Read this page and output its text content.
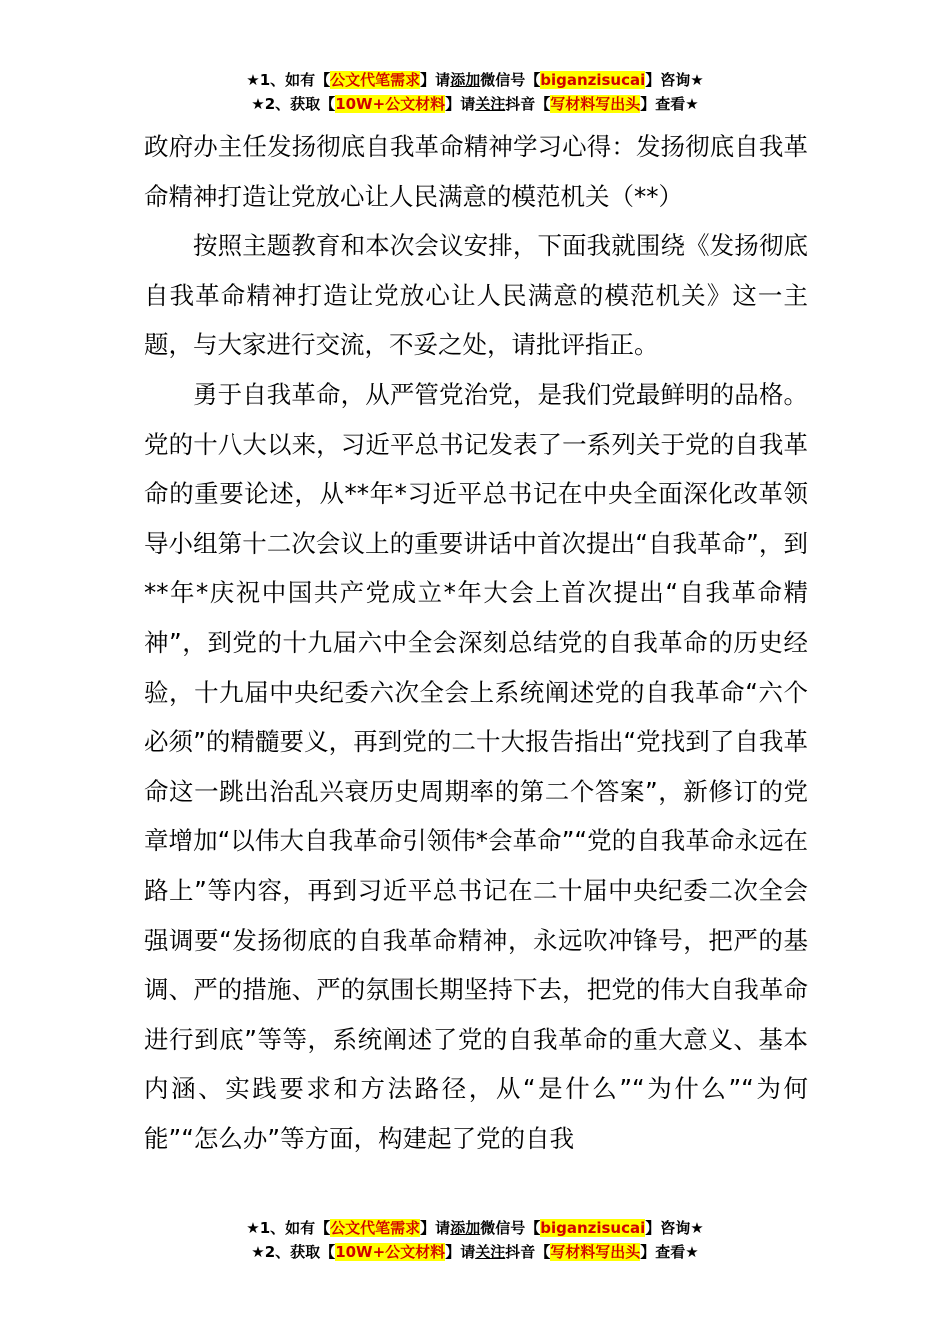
★1、如有【公文代笔需求】请添加微信号【biganzisucai】咨询★
★2、获取【10W+公文材料】请关注抖音【写材料写出头】查看★

政府办主任发扬彻底自我革命精神学习心得：发扬彻底自我革命精神打造让党放心让人民满意的模范机关（**）

按照主题教育和本次会议安排，下面我就围绕《发扬彻底自我革命精神打造让党放心让人民满意的模范机关》这一主题，与大家进行交流，不妥之处，请批评指正。

勇于自我革命，从严管党治党，是我们党最鲜明的品格。党的十八大以来，习近平总书记发表了一系列关于党的自我革命的重要论述，从**年*习近平总书记在中央全面深化改革领导小组第十二次会议上的重要讲话中首次提出“自我革命”，到**年*庆祝中国共产党成立*年大会上首次提出“自我革命精神”，到党的十九届六中全会深刻总结党的自我革命的历史经验，十九届中央纪委六次全会上系统阐述党的自我革命“六个必须”的精髓要义，再到党的二十大报告指出“党找到了自我革命这一跳出治乱兴衰历史周期率的第二个答案”，新修订的党章增加“以伟大自我革命引领伟*会革命”“党的自我革命永远在路上”等内容，再到习近平总书记在二十届中央纪委二次全会强调要“发扬彻底的自我革命精神，永远吹冲锋号，把严的基调、严的措施、严的氛围长期坚持下去，把党的伟大自我革命进行到底”等等，系统阐述了党的自我革命的重大意义、基本内涵、实践要求和方法路径，从“是什么”“为什么”“为何能”“怎么办”等方面，构建起了党的自我

★1、如有【公文代笔需求】请添加微信号【biganzisucai】咨询★
★2、获取【10W+公文材料】请关注抖音【写材料写出头】查看★
